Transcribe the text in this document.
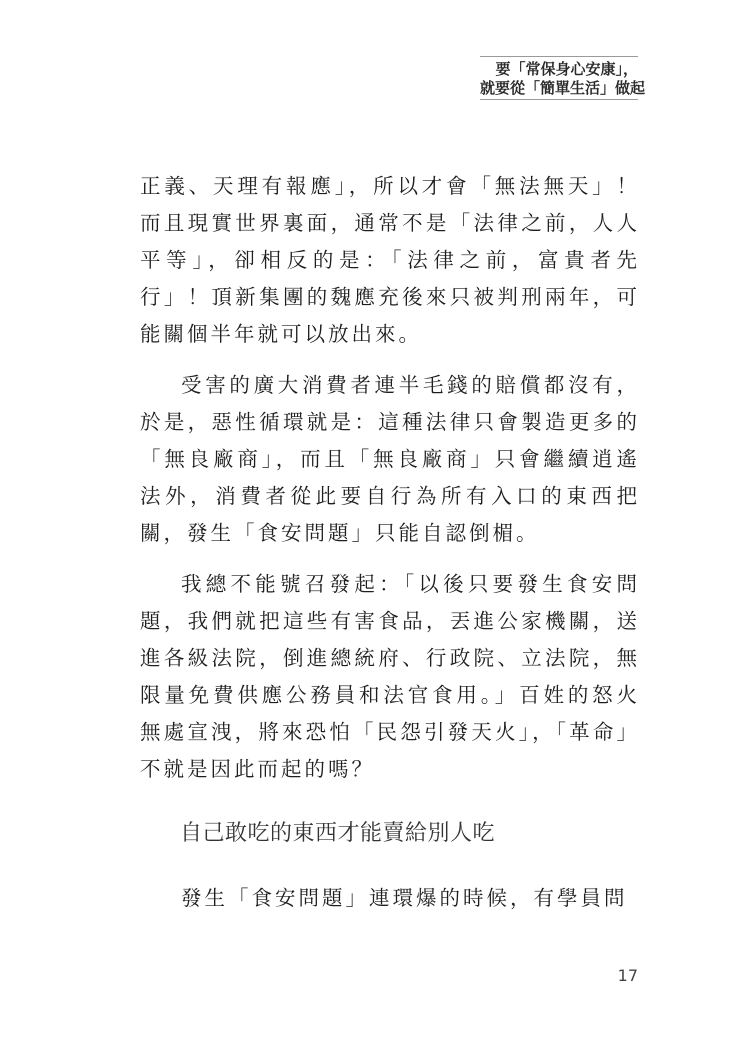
要「常保身心安康」，
就要從「簡單生活」做起

正義、天理有報應」，所以才會「無法無天」！而且現實世界裏面，通常不是「法律之前，人人平等」，卻相反的是：「法律之前，富貴者先行」！頂新集團的魏應充後來只被判刑兩年，可能關個半年就可以放出來。

受害的廣大消費者連半毛錢的賠償都沒有，於是，惡性循環就是：這種法律只會製造更多的「無良廠商」，而且「無良廠商」只會繼續逍遙法外，消費者從此要自行為所有入口的東西把關，發生「食安問題」只能自認倒楣。

我總不能號召發起：「以後只要發生食安問題，我們就把這些有害食品，丟進公家機關，送進各級法院，倒進總統府、行政院、立法院，無限量免費供應公務員和法官食用。」百姓的怒火無處宣洩，將來恐怕「民怨引發天火」，「革命」不就是因此而起的嗎？

自己敢吃的東西才能賣給別人吃

發生「食安問題」連環爆的時候，有學員問

17
